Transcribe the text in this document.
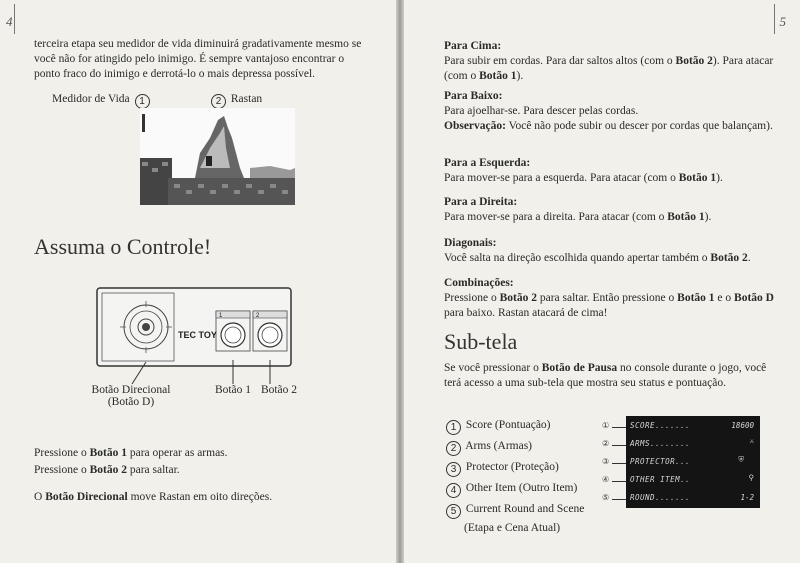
4

terceira etapa seu medidor de vida diminuirá gradativamente mesmo se você não for atingido pelo inimigo. É sempre vantajoso encontrar o ponto fraco do inimigo e derrotá-lo o mais depressa possível.

Medidor de Vida 1	2 Rastan
Assuma o Controle!
TEC TOY
1	2
Botão Direcional
(Botão D)
Botão 1 Botão 2

Pressione o Botão 1 para operar as armas.

Pressione o Botão 2 para saltar.

O Botão Direcional move Rastan em oito direções.

5

Para Cima:
Para subir em cordas. Para dar saltos altos (com o Botão 2). Para atacar (com o Botão 1).

Para Baixo:
Para ajoelhar-se. Para descer pelas cordas.
Observação: Você não pode subir ou descer por cordas que balançam).

Para a Esquerda:
Para mover-se para a esquerda. Para atacar (com o Botão 1).

Para a Direita:
Para mover-se para a direita. Para atacar (com o Botão 1).

Diagonais:
Você salta na direção escolhida quando apertar também o Botão 2.

Combinações:
Pressione o Botão 2 para saltar. Então pressione o Botão 1 e o Botão D para baixo. Rastan atacará de cima!

Sub-tela

Se você pressionar o Botão de Pausa no console durante o jogo, você terá acesso a uma sub-tela que mostra seu status e pontuação.

1 Score (Pontuação)
2 Arms (Armas)
3 Protector (Proteção)
4 Other Item (Outro Item)
5 Current Round and Scene
(Etapa e Cena Atual)
①	SCORE.......	18600
②	ARMS........	⚔
③	PROTECTOR...	⛨
④	OTHER ITEM..	⚲
⑤	ROUND.......	1-2
